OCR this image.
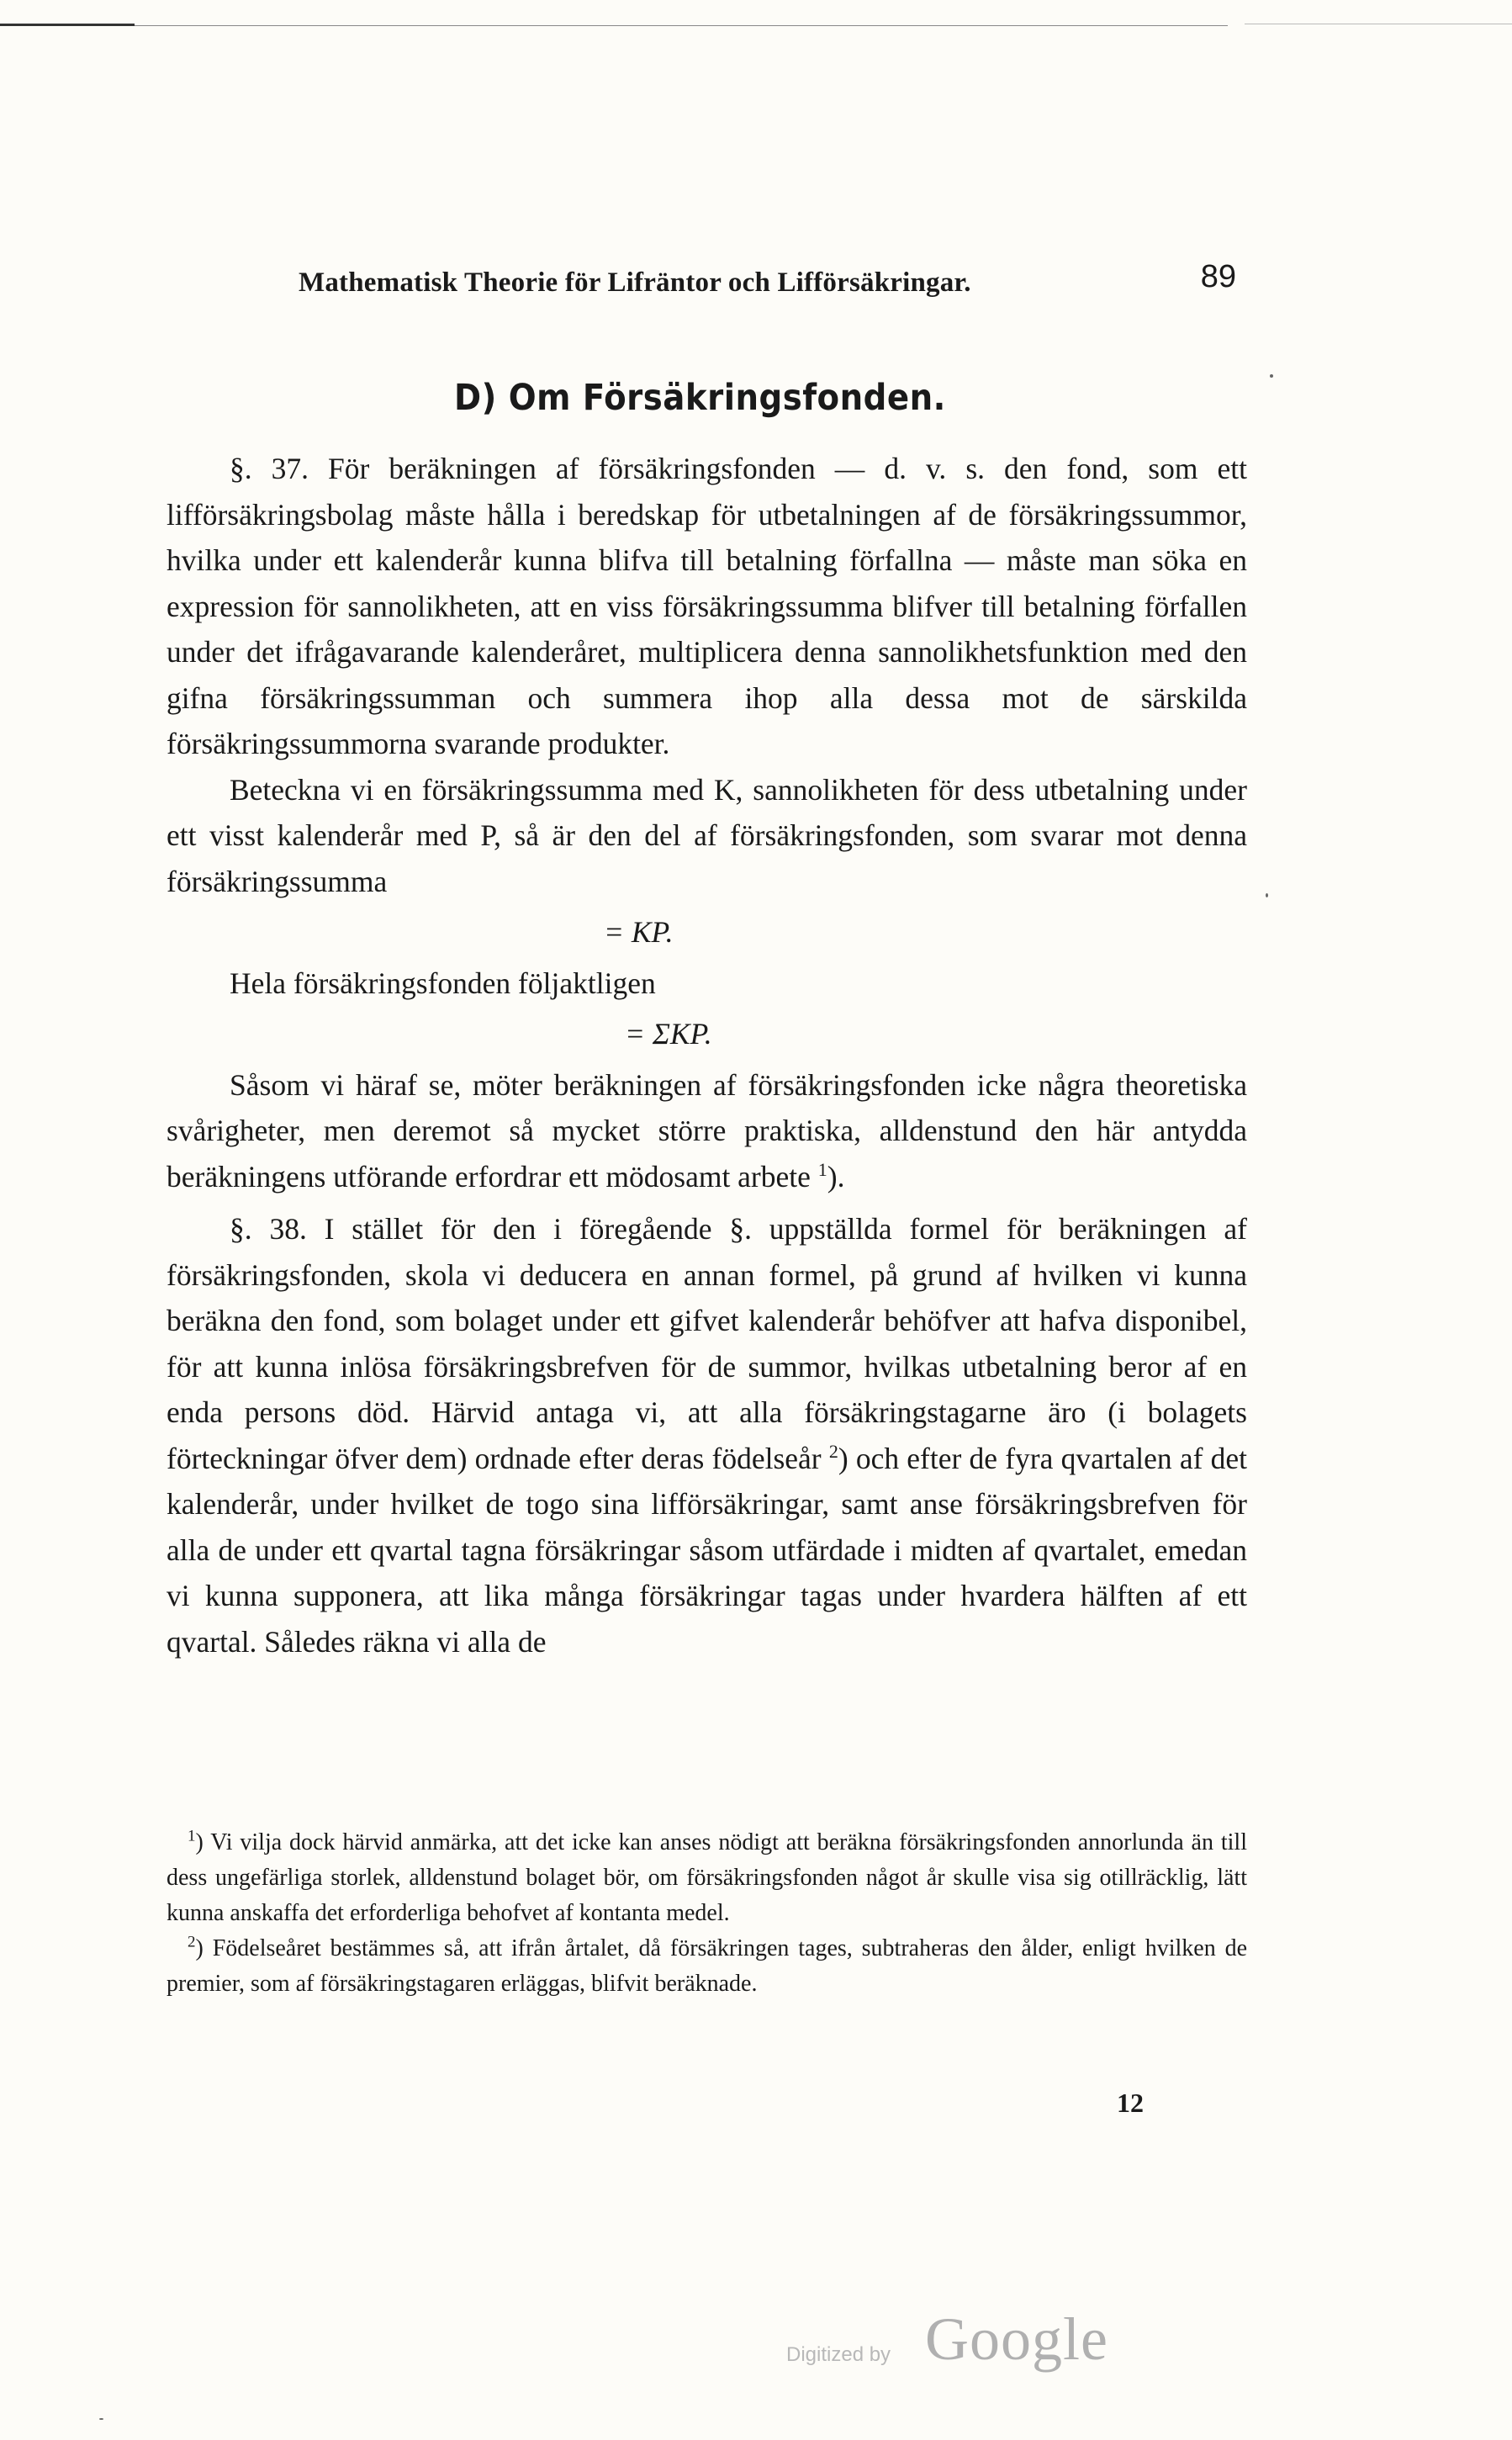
Mathematisk Theorie för Lifräntor och Lifförsäkringar.	89
D) Om Försäkringsfonden.

§. 37. För beräkningen af försäkringsfonden — d. v. s. den fond, som ett lifförsäkringsbolag måste hålla i beredskap för utbetalningen af de försäkringssummor, hvilka under ett kalenderår kunna blifva till betalning förfallna — måste man söka en expression för sannolikheten, att en viss försäkringssumma blifver till betalning förfallen under det ifrågavarande kalenderåret, multiplicera denna sannolikhetsfunktion med den gifna försäkringssumman och summera ihop alla dessa mot de särskilda försäkringssummorna svarande produkter.

Beteckna vi en försäkringssumma med K, sannolikheten för dess utbetalning under ett visst kalenderår med P, så är den del af försäkringsfonden, som svarar mot denna försäkringssumma

= KP.

Hela försäkringsfonden följaktligen

= ΣKP.

Såsom vi häraf se, möter beräkningen af försäkringsfonden icke några theoretiska svårigheter, men deremot så mycket större praktiska, alldenstund den här antydda beräkningens utförande erfordrar ett mödosamt arbete $^1$).

§. 38. I stället för den i föregående §. uppställda formel för beräkningen af försäkringsfonden, skola vi deducera en annan formel, på grund af hvilken vi kunna beräkna den fond, som bolaget under ett gifvet kalenderår behöfver att hafva disponibel, för att kunna inlösa försäkringsbrefven för de summor, hvilkas utbetalning beror af en enda persons död. Härvid antaga vi, att alla försäkringstagarne äro (i bolagets förteckningar öfver dem) ordnade efter deras födelseår $^2$) och efter de fyra qvartalen af det kalenderår, under hvilket de togo sina lifförsäkringar, samt anse försäkringsbrefven för alla de under ett qvartal tagna försäkringar såsom utfärdade i midten af qvartalet, emedan vi kunna supponera, att lika många försäkringar tagas under hvardera hälften af ett qvartal. Således räkna vi alla de

$^1$) Vi vilja dock härvid anmärka, att det icke kan anses nödigt att beräkna försäkringsfonden annorlunda än till dess ungefärliga storlek, alldenstund bolaget bör, om försäkringsfonden något år skulle visa sig otillräcklig, lätt kunna anskaffa det erforderliga behofvet af kontanta medel.

$^2$) Födelseåret bestämmes så, att ifrån årtalet, då försäkringen tages, subtraheras den ålder, enligt hvilken de premier, som af försäkringstagaren erläggas, blifvit beräknade.

12
Digitized by Google
